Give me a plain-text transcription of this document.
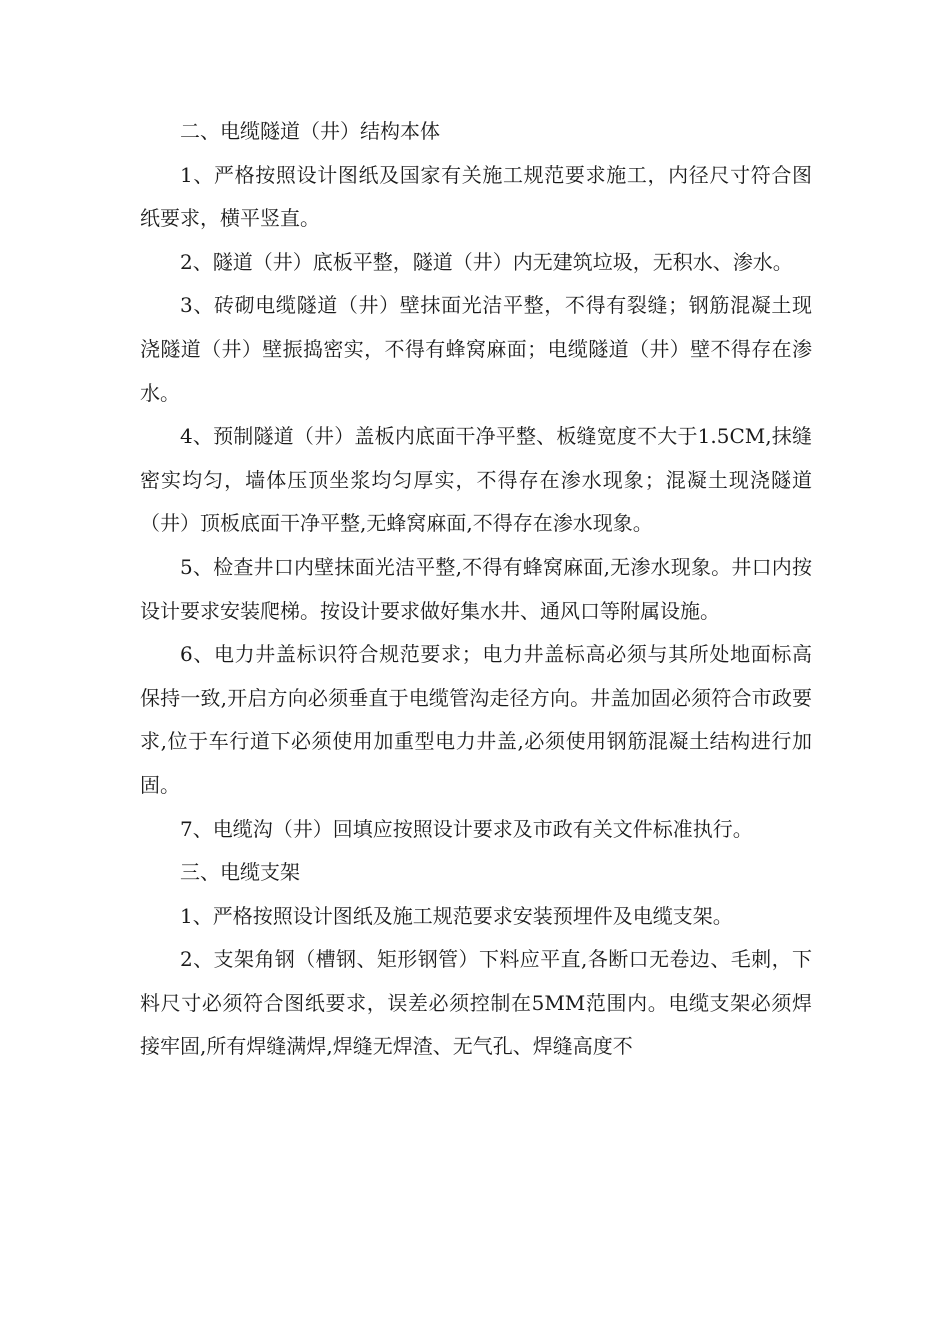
二、电缆隧道（井）结构本体

1、严格按照设计图纸及国家有关施工规范要求施工，内径尺寸符合图纸要求，横平竖直。

2、隧道（井）底板平整，隧道（井）内无建筑垃圾，无积水、渗水。

3、砖砌电缆隧道（井）壁抹面光洁平整，不得有裂缝；钢筋混凝土现浇隧道（井）壁振捣密实，不得有蜂窝麻面；电缆隧道（井）壁不得存在渗水。

4、预制隧道（井）盖板内底面干净平整、板缝宽度不大于1.5CM,抹缝密实均匀，墙体压顶坐浆均匀厚实，不得存在渗水现象；混凝土现浇隧道（井）顶板底面干净平整,无蜂窝麻面,不得存在渗水现象。

5、检查井口内壁抹面光洁平整,不得有蜂窝麻面,无渗水现象。井口内按设计要求安装爬梯。按设计要求做好集水井、通风口等附属设施。

6、电力井盖标识符合规范要求；电力井盖标高必须与其所处地面标高保持一致,开启方向必须垂直于电缆管沟走径方向。井盖加固必须符合市政要求,位于车行道下必须使用加重型电力井盖,必须使用钢筋混凝土结构进行加固。

7、电缆沟（井）回填应按照设计要求及市政有关文件标准执行。

三、电缆支架

1、严格按照设计图纸及施工规范要求安装预埋件及电缆支架。

2、支架角钢（槽钢、矩形钢管）下料应平直,各断口无卷边、毛刺，下料尺寸必须符合图纸要求，误差必须控制在5MM范围内。电缆支架必须焊接牢固,所有焊缝满焊,焊缝无焊渣、无气孔、焊缝高度不
